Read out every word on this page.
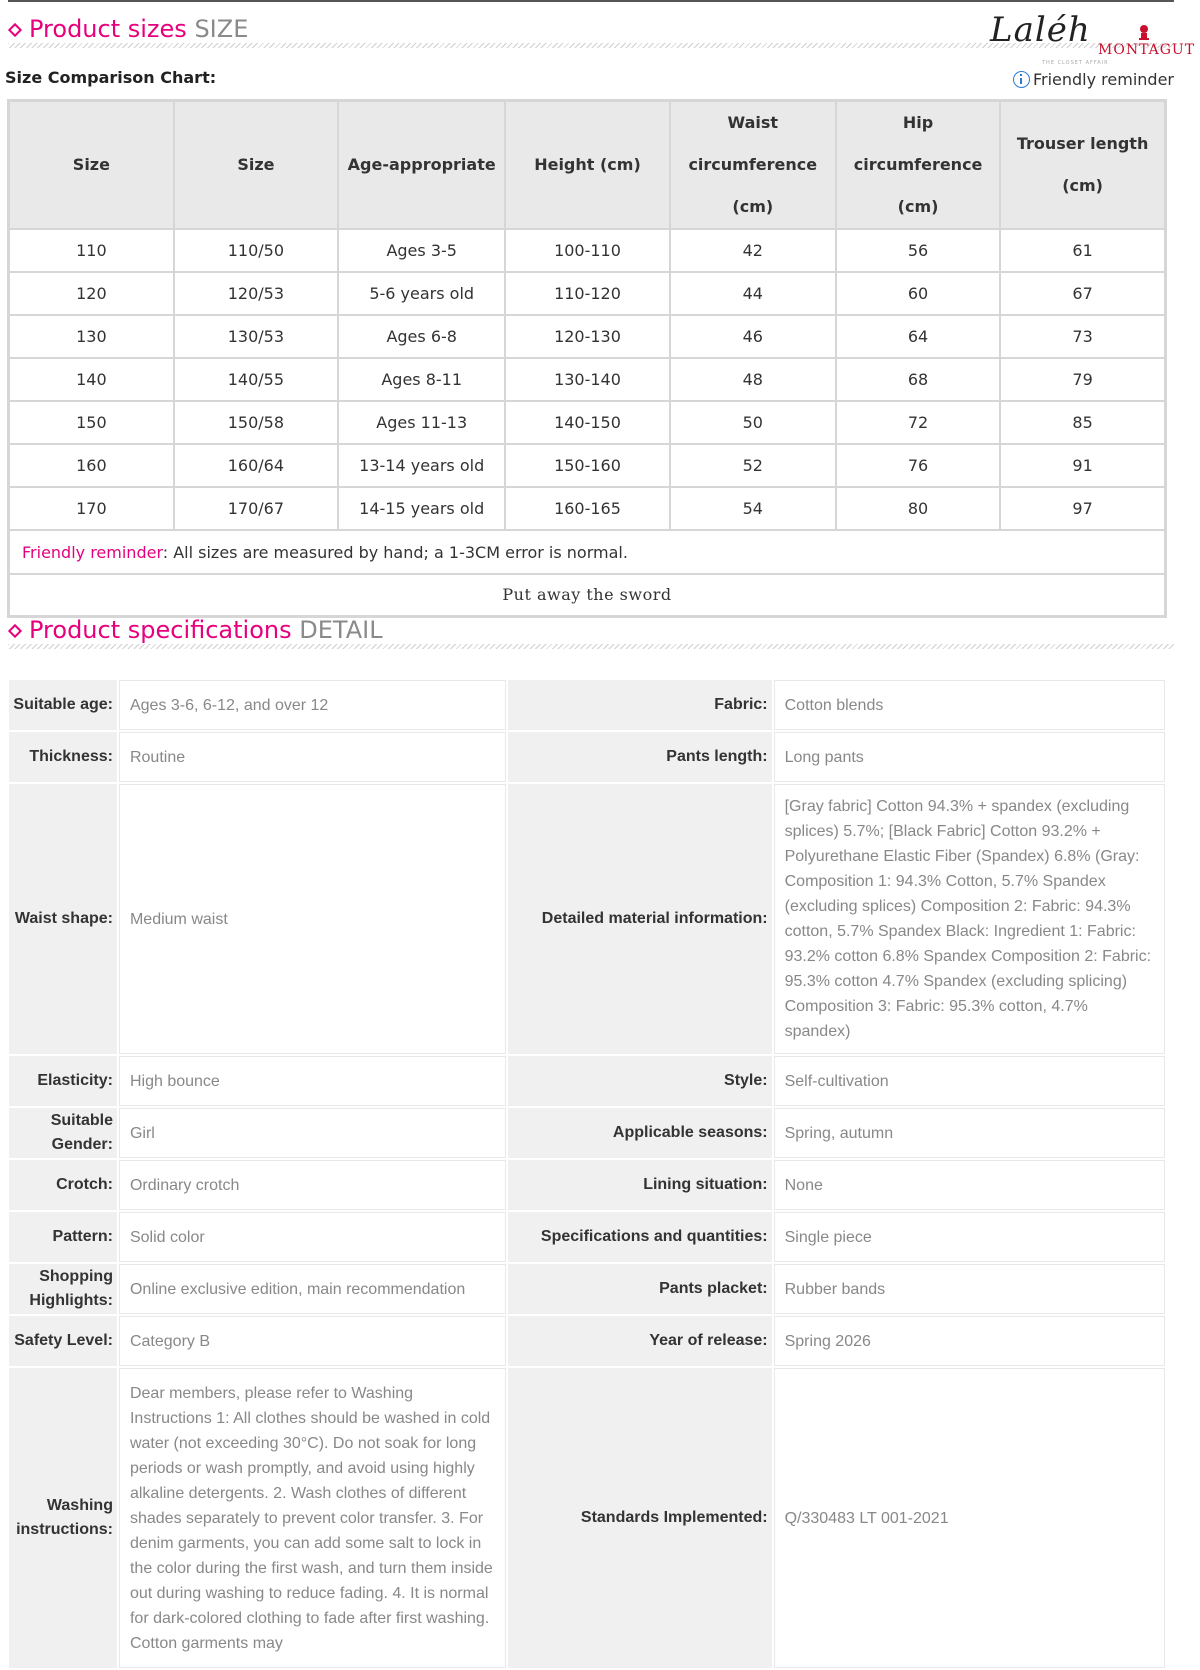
Product sizes SIZE	Laléh MONTAGUT
THE CLOSET AFFAIR
Size Comparison Chart:	Friendly reminder
Size	Size	Age-appropriate	Height (cm)	Waist circumference (cm)	Hip circumference (cm)	Trouser length (cm)
110	110/50	Ages 3-5	100-110	42	56	61
120	120/53	5-6 years old	110-120	44	60	67
130	130/53	Ages 6-8	120-130	46	64	73
140	140/55	Ages 8-11	130-140	48	68	79
150	150/58	Ages 11-13	140-150	50	72	85
160	160/64	13-14 years old	150-160	52	76	91
170	170/67	14-15 years old	160-165	54	80	97
Friendly reminder: All sizes are measured by hand; a 1-3CM error is normal.						
Put away the sword						
Product specifications DETAIL
Suitable age:	Ages 3-6, 6-12, and over 12	Fabric:	Cotton blends
Thickness:	Routine	Pants length:	Long pants
Waist shape:	Medium waist	Detailed material information:	[Gray fabric] Cotton 94.3% + spandex (excluding splices) 5.7%; [Black Fabric] Cotton 93.2% + Polyurethane Elastic Fiber (Spandex) 6.8% (Gray: Composition 1: 94.3% Cotton, 5.7% Spandex (excluding splices) Composition 2: Fabric: 94.3% cotton, 5.7% Spandex Black: Ingredient 1: Fabric: 93.2% cotton 6.8% Spandex Composition 2: Fabric: 95.3% cotton 4.7% Spandex (excluding splicing) Composition 3: Fabric: 95.3% cotton, 4.7% spandex)
Elasticity:	High bounce	Style:	Self-cultivation
Suitable Gender:	Girl	Applicable seasons:	Spring, autumn
Crotch:	Ordinary crotch	Lining situation:	None
Pattern:	Solid color	Specifications and quantities:	Single piece
Shopping Highlights:	Online exclusive edition, main recommendation	Pants placket:	Rubber bands
Safety Level:	Category B	Year of release:	Spring 2026
Washing instructions:	Dear members, please refer to Washing Instructions 1: All clothes should be washed in cold water (not exceeding 30°C). Do not soak for long periods or wash promptly, and avoid using highly alkaline detergents. 2. Wash clothes of different shades separately to prevent color transfer. 3. For denim garments, you can add some salt to lock in the color during the first wash, and turn them inside out during washing to reduce fading. 4. It is normal for dark-colored clothing to fade after first washing. Cotton garments may	Standards Implemented:	Q/330483 LT 001-2021
